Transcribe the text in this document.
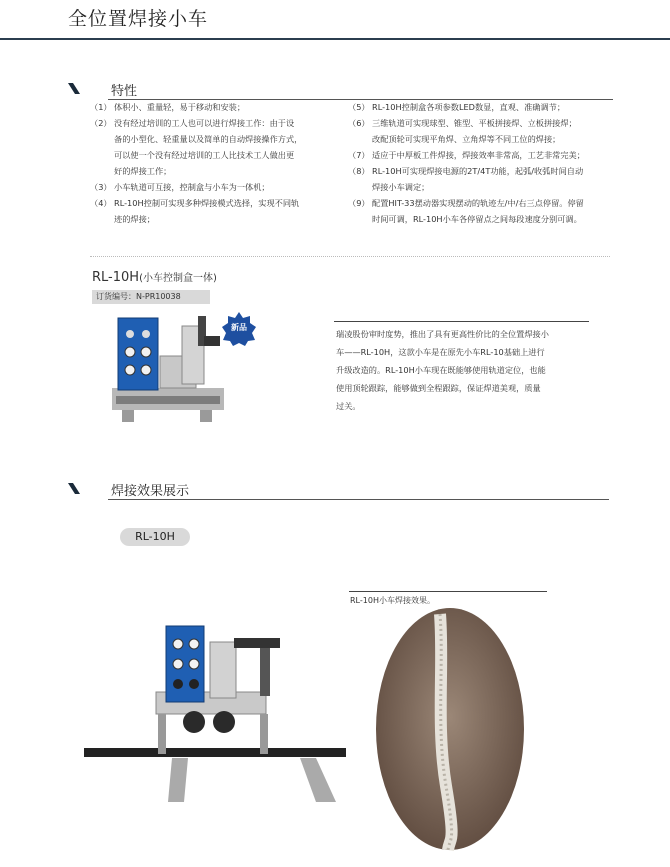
全位置焊接小车
特性
（1） 体积小、重量轻，易于移动和安装；
（2） 没有经过培训的工人也可以进行焊接工作：由于设
备的小型化、轻重量以及简单的自动焊接操作方式，
可以使一个没有经过培训的工人比技术工人做出更
好的焊接工作；
（3） 小车轨道可互接，控制盒与小车为一体机；
（4） RL-10H控制可实现多种焊接模式选择，实现不同轨
迹的焊接；
（5） RL-10H控制盒各项参数LED数显，直观、准确调节；
（6） 三维轨道可实现球型、锥型、平板拼接焊、立板拼接焊；
改配顶轮可实现平角焊、立角焊等不同工位的焊接；
（7） 适应于中厚板工件焊接，焊接效率非常高，工艺非常完美；
（8） RL-10H可实现焊接电源的2T/4T功能，起弧/收弧时间自动
焊接小车调定；
（9） 配置HIT-33摆动器实现摆动的轨迹左/中/右三点停留。停留
时间可调，RL-10H小车各停留点之间每段速度分别可调。
RL-10H(小车控制盒一体)
订货编号：N-PR10038
新品
瑞凌股份审时度势，推出了具有更高性价比的全位置焊接小
车——RL-10H，这款小车是在原先小车RL-10基础上进行
升级改造的。RL-10H小车现在既能够使用轨道定位，也能
使用顶轮跟踪，能够做到全程跟踪，保证焊道美观，质量
过关。
焊接效果展示
RL-10H
RL-10H小车焊接效果。
